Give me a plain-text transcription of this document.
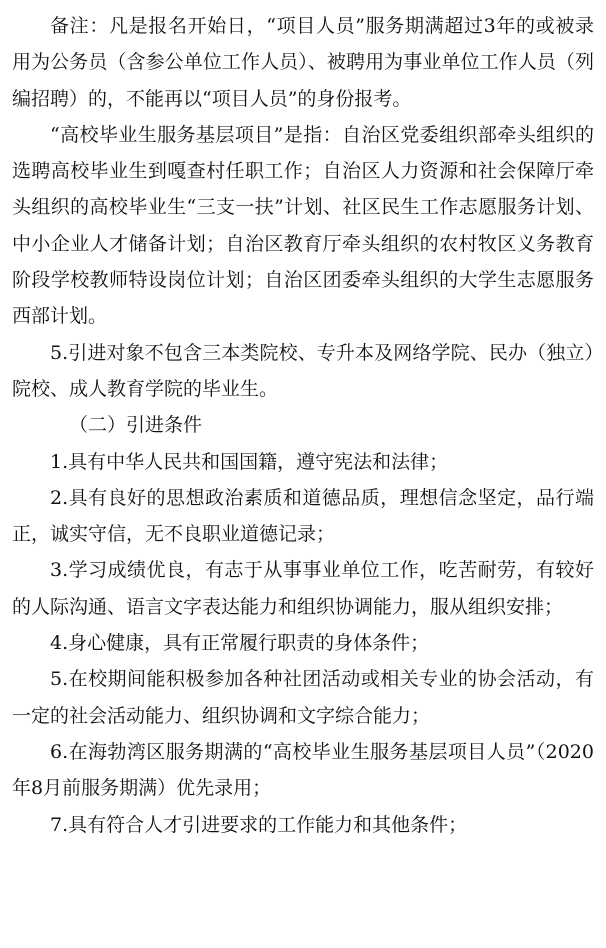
备注：凡是报名开始日，“项目人员”服务期满超过3年的或被录用为公务员（含参公单位工作人员）、被聘用为事业单位工作人员（列编招聘）的，不能再以“项目人员”的身份报考。

“高校毕业生服务基层项目”是指：自治区党委组织部牵头组织的选聘高校毕业生到嘎查村任职工作；自治区人力资源和社会保障厅牵头组织的高校毕业生“三支一扶”计划、社区民生工作志愿服务计划、中小企业人才储备计划；自治区教育厅牵头组织的农村牧区义务教育阶段学校教师特设岗位计划；自治区团委牵头组织的大学生志愿服务西部计划。

5.引进对象不包含三本类院校、专升本及网络学院、民办（独立）院校、成人教育学院的毕业生。

（二）引进条件

1.具有中华人民共和国国籍，遵守宪法和法律；

2.具有良好的思想政治素质和道德品质，理想信念坚定，品行端正，诚实守信，无不良职业道德记录；

3.学习成绩优良，有志于从事事业单位工作，吃苦耐劳，有较好的人际沟通、语言文字表达能力和组织协调能力，服从组织安排；

4.身心健康，具有正常履行职责的身体条件；

5.在校期间能积极参加各种社团活动或相关专业的协会活动，有一定的社会活动能力、组织协调和文字综合能力；

6.在海勃湾区服务期满的“高校毕业生服务基层项目人员”（2020年8月前服务期满）优先录用；

7.具有符合人才引进要求的工作能力和其他条件；
